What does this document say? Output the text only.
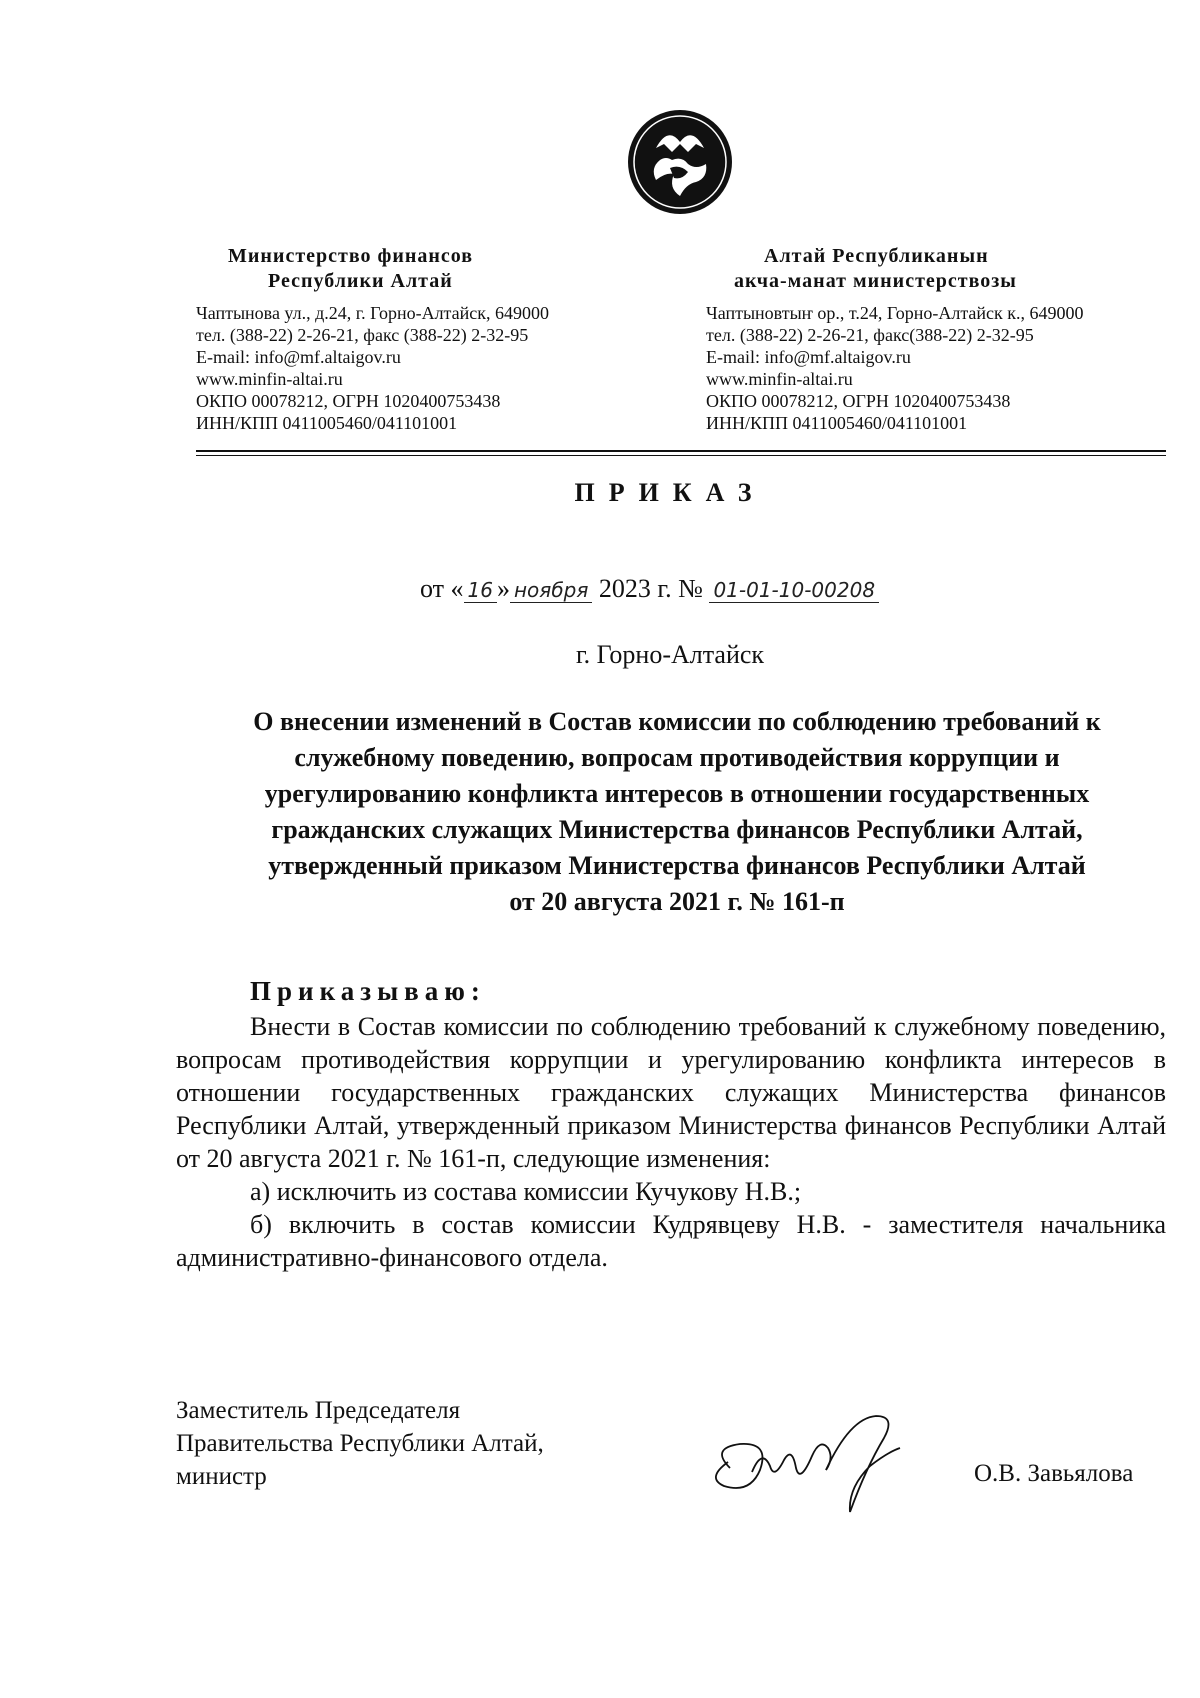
Министерство финансов
Республики Алтай
Чаптынова ул., д.24, г. Горно-Алтайск, 649000
тел. (388-22) 2-26-21, факс (388-22) 2-32-95
E-mail: info@mf.altaigov.ru
www.minfin-altai.ru
ОКПО 00078212, ОГРН 1020400753438
ИНН/КПП 0411005460/041101001
Алтай Республиканын
акча-манат министерствозы
Чаптыновтыҥ ор., т.24, Горно-Алтайск к., 649000
тел. (388-22) 2-26-21, факс(388-22) 2-32-95
E-mail: info@mf.altaigov.ru
www.minfin-altai.ru
ОКПО 00078212, ОГРН 1020400753438
ИНН/КПП 0411005460/041101001
ПРИКАЗ
от « 16 » ноября 2023 г. № 01-01-10-00208
г. Горно-Алтайск
О внесении изменений в Состав комиссии по соблюдению требований к
служебному поведению, вопросам противодействия коррупции и
урегулированию конфликта интересов в отношении государственных
гражданских служащих Министерства финансов Республики Алтай,
утвержденный приказом Министерства финансов Республики Алтай
от 20 августа 2021 г. № 161-п
Приказываю:

Внести в Состав комиссии по соблюдению требований к служебному поведению, вопросам противодействия коррупции и урегулированию конфликта интересов в отношении государственных гражданских служащих Министерства финансов Республики Алтай, утвержденный приказом Министерства финансов Республики Алтай от 20 августа 2021 г. № 161-п, следующие изменения:

а) исключить из состава комиссии Кучукову Н.В.;

б) включить в состав комиссии Кудрявцеву Н.В. - заместителя начальника административно-финансового отдела.

Заместитель Председателя
Правительства Республики Алтай,
министр	О.В. Завьялова
